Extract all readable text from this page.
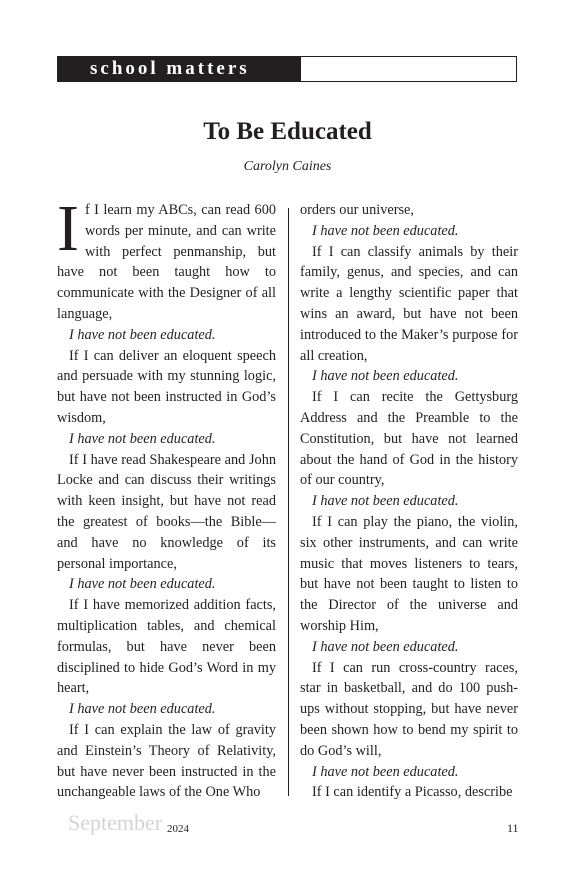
school matters
To Be Educated
Carolyn Caines

If I learn my ABCs, can read 600 words per minute, and can write with perfect penmanship, but have not been taught how to communicate with the Designer of all language,

I have not been educated.

If I can deliver an eloquent speech and persuade with my stunning logic, but have not been instructed in God’s wisdom,

I have not been educated.

If I have read Shakespeare and John Locke and can discuss their writings with keen insight, but have not read the greatest of books—the Bible—and have no knowledge of its personal importance,

I have not been educated.

If I have memorized addition facts, multiplication tables, and chemical formulas, but have never been disciplined to hide God’s Word in my heart,

I have not been educated.

If I can explain the law of gravity and Einstein’s Theory of Relativity, but have never been instructed in the unchangeable laws of the One Who

orders our universe,

I have not been educated.

If I can classify animals by their family, genus, and species, and can write a lengthy scientific paper that wins an award, but have not been introduced to the Maker’s purpose for all creation,

I have not been educated.

If I can recite the Gettysburg Address and the Preamble to the Constitution, but have not learned about the hand of God in the history of our country,

I have not been educated.

If I can play the piano, the violin, six other instruments, and can write music that moves listeners to tears, but have not been taught to listen to the Director of the universe and worship Him,

I have not been educated.

If I can run cross-country races, star in basketball, and do 100 push-ups without stopping, but have never been shown how to bend my spirit to do God’s will,

I have not been educated.

If I can identify a Picasso, describe

September 2024	11
